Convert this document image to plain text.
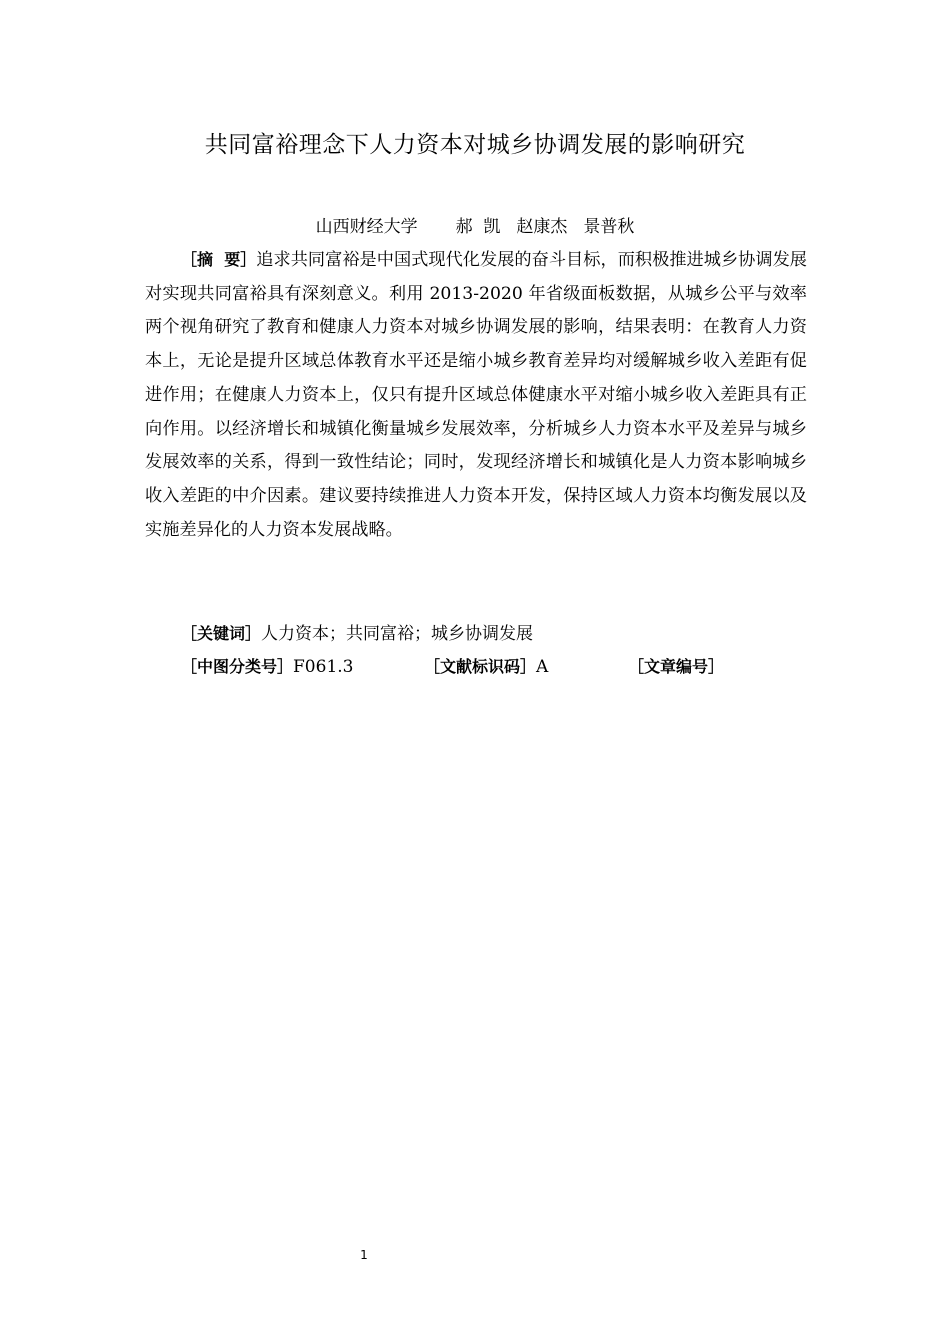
共同富裕理念下人力资本对城乡协调发展的影响研究
山西财经大学 郝  凯 赵康杰 景普秋

［摘  要］追求共同富裕是中国式现代化发展的奋斗目标，而积极推进城乡协调发展对实现共同富裕具有深刻意义。利用 2013-2020 年省级面板数据，从城乡公平与效率两个视角研究了教育和健康人力资本对城乡协调发展的影响，结果表明：在教育人力资本上，无论是提升区域总体教育水平还是缩小城乡教育差异均对缓解城乡收入差距有促进作用；在健康人力资本上，仅只有提升区域总体健康水平对缩小城乡收入差距具有正向作用。以经济增长和城镇化衡量城乡发展效率，分析城乡人力资本水平及差异与城乡发展效率的关系，得到一致性结论；同时，发现经济增长和城镇化是人力资本影响城乡收入差距的中介因素。建议要持续推进人力资本开发，保持区域人力资本均衡发展以及实施差异化的人力资本发展战略。

［关键词］人力资本；共同富裕；城乡协调发展
［中图分类号］F061.3	［文献标识码］A	［文章编号］
1
